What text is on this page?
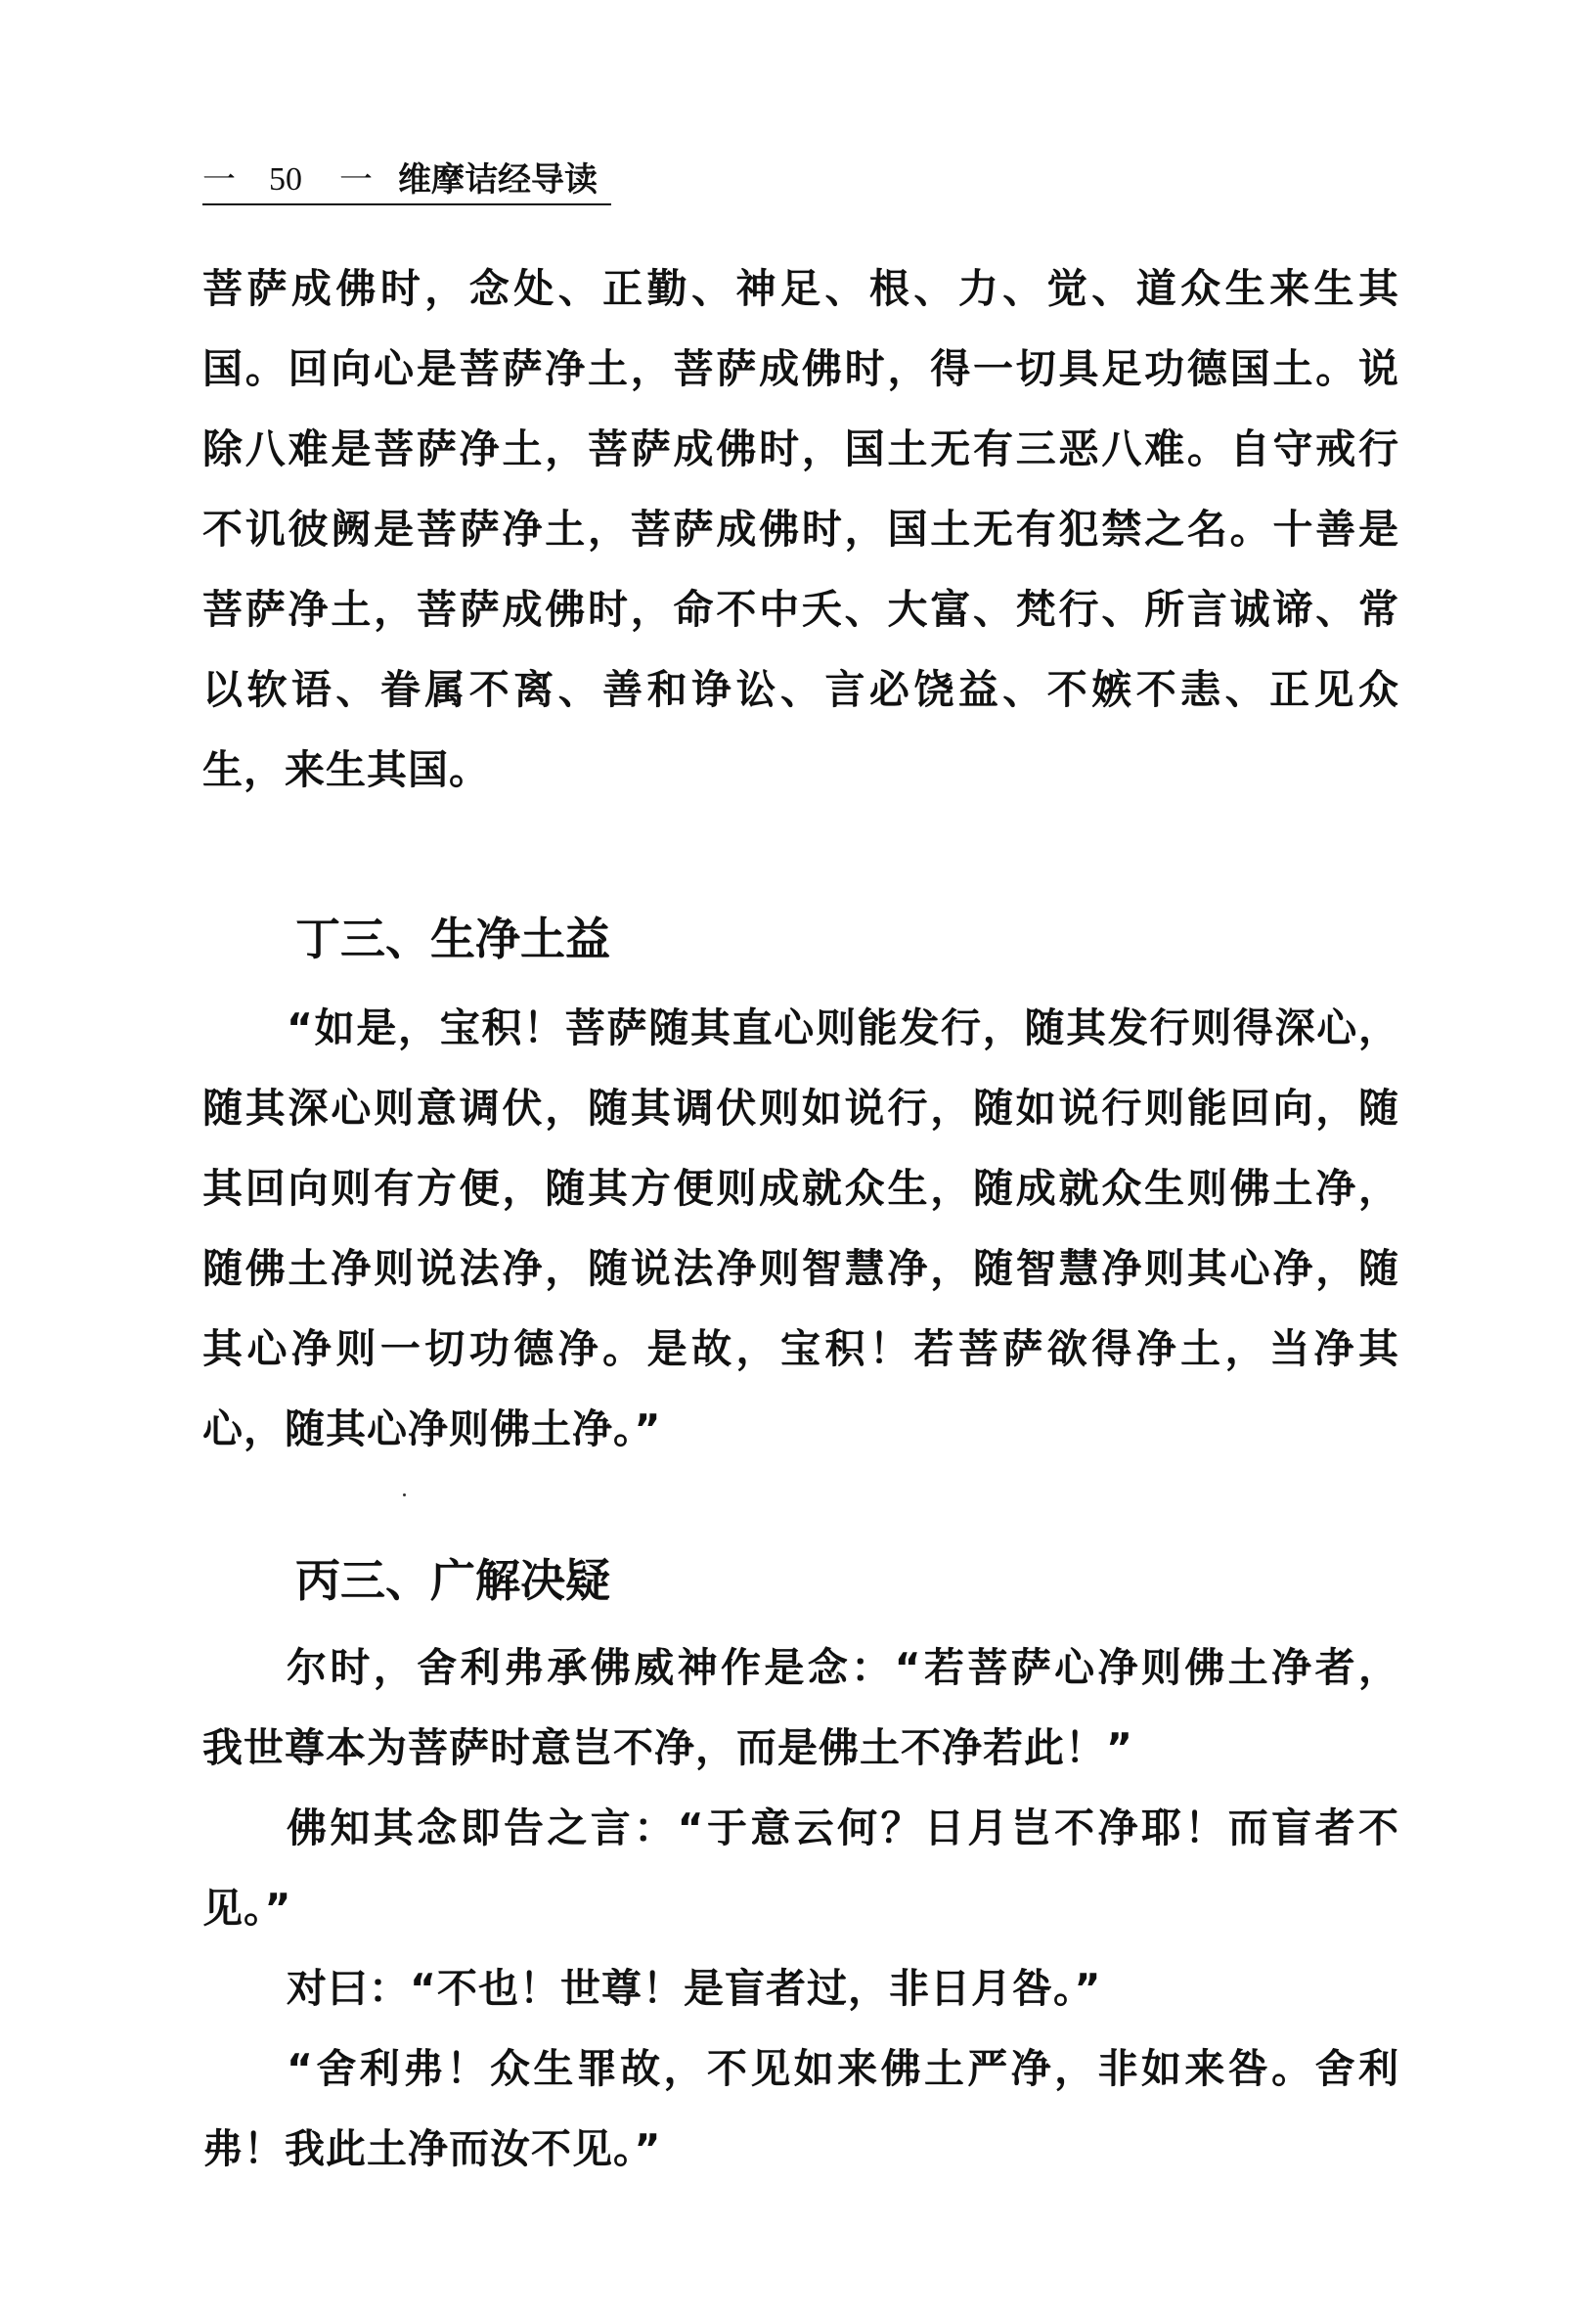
一 50 一 维摩诘经导读
菩萨成佛时，念处、正勤、神足、根、力、觉、道众生来生其
国。回向心是菩萨净土，菩萨成佛时，得一切具足功德国土。说
除八难是菩萨净土，菩萨成佛时，国土无有三恶八难。自守戒行
不讥彼阙是菩萨净土，菩萨成佛时，国土无有犯禁之名。十善是
菩萨净土，菩萨成佛时，命不中夭、大富、梵行、所言诚谛、常
以软语、眷属不离、善和诤讼、言必饶益、不嫉不恚、正见众
生，来生其国。
丁三、生净土益
“如是，宝积！菩萨随其直心则能发行，随其发行则得深心，
随其深心则意调伏，随其调伏则如说行，随如说行则能回向，随
其回向则有方便，随其方便则成就众生，随成就众生则佛土净，
随佛土净则说法净，随说法净则智慧净，随智慧净则其心净，随
其心净则一切功德净。是故，宝积！若菩萨欲得净土，当净其
心，随其心净则佛土净。”
丙三、广解决疑
尔时，舍利弗承佛威神作是念：“若菩萨心净则佛土净者，
我世尊本为菩萨时意岂不净，而是佛土不净若此！”
佛知其念即告之言：“于意云何？日月岂不净耶！而盲者不
见。”
对曰：“不也！世尊！是盲者过，非日月咎。”
“舍利弗！众生罪故，不见如来佛土严净，非如来咎。舍利
弗！我此土净而汝不见。”
